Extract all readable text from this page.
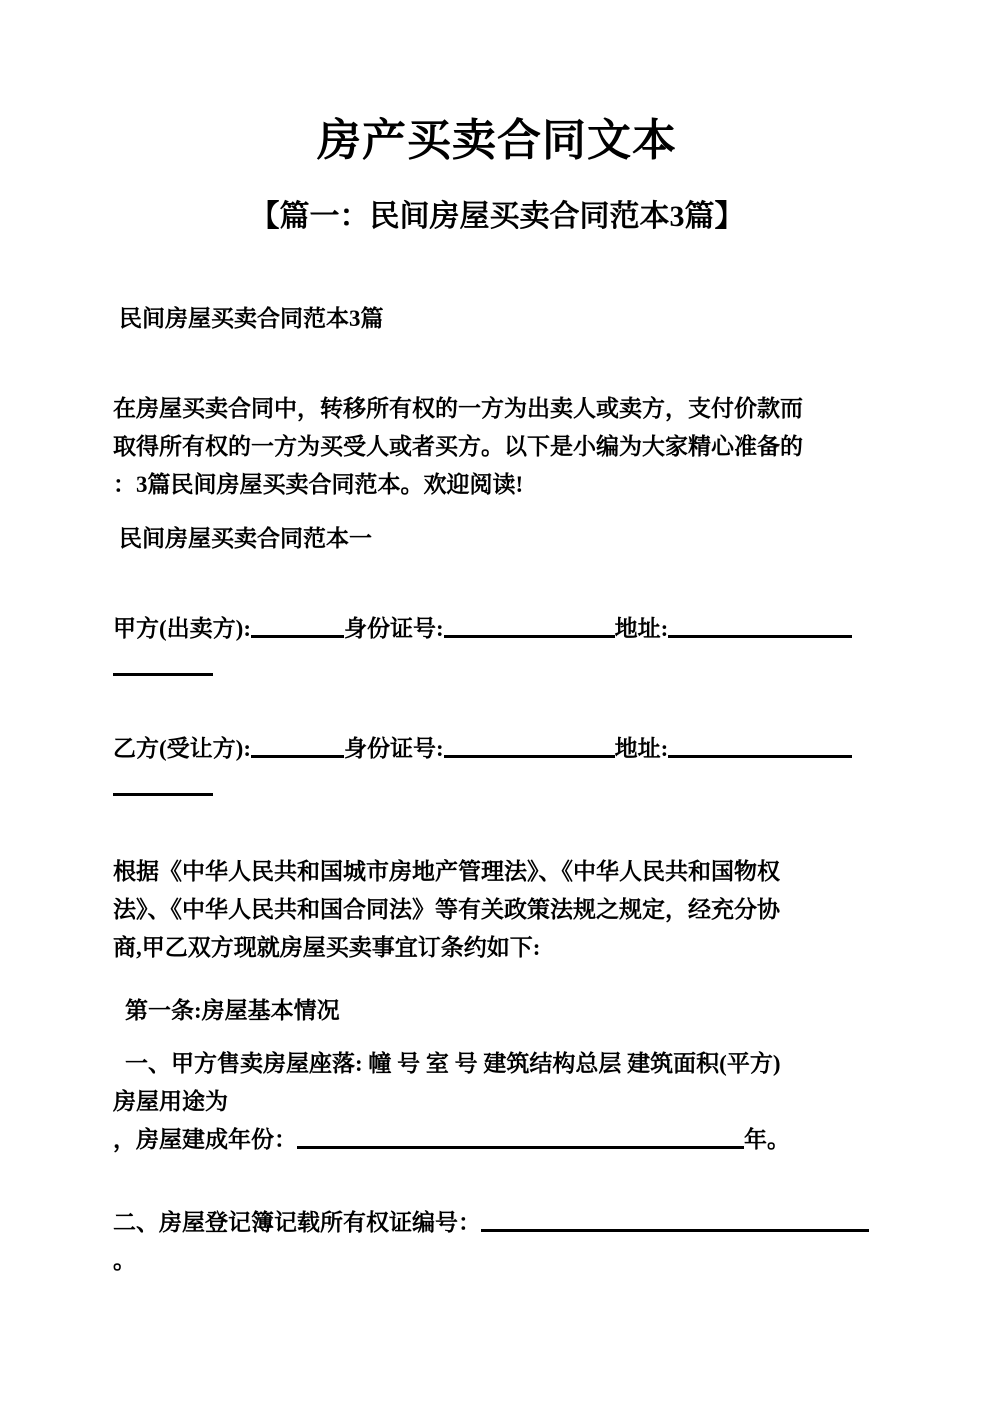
房产买卖合同文本
【篇一：民间房屋买卖合同范本3篇】
民间房屋买卖合同范本3篇
在房屋买卖合同中，转移所有权的一方为出卖人或卖方，支付价款而
取得所有权的一方为买受人或者买方。以下是小编为大家精心准备的
：3篇民间房屋买卖合同范本。欢迎阅读!
民间房屋买卖合同范本一
甲方(出卖方):	身份证号:	地址:
乙方(受让方):	身份证号:	地址:
根据《中华人民共和国城市房地产管理法》、《中华人民共和国物权
法》、《中华人民共和国合同法》等有关政策法规之规定，经充分协
商,甲乙双方现就房屋买卖事宜订条约如下:
第一条:房屋基本情况
一、甲方售卖房屋座落: 幢 号 室 号 建筑结构总层 建筑面积(平方)
房屋用途为
，房屋建成年份：	年。
二、房屋登记簿记载所有权证编号：
。
